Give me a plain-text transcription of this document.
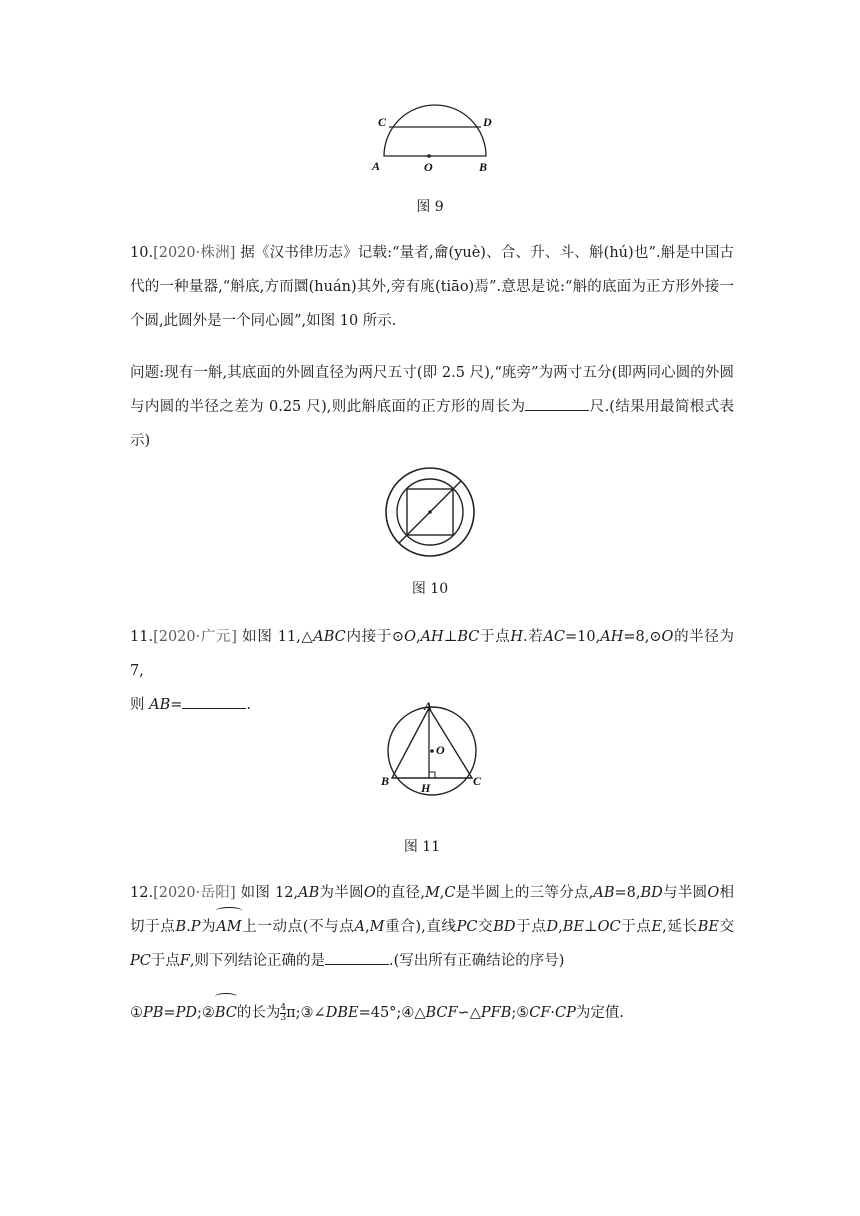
C	D
A	O	B
图 9

10.[2020·株洲] 据《汉书律历志》记载:“量者,龠(yuè)、合、升、斗、斛(hú)也”.斛是中国古代的一种量器,“斛底,方而圜(huán)其外,旁有庣(tiāo)焉”.意思是说:“斛的底面为正方形外接一个圆,此圆外是一个同心圆”,如图 10 所示.

问题:现有一斛,其底面的外圆直径为两尺五寸(即 2.5 尺),“庣旁”为两寸五分(即两同心圆的外圆与内圆的半径之差为 0.25 尺),则此斛底面的正方形的周长为	尺.(结果用最简根式表示)

图 10

11.[2020·广元] 如图 11,△ABC内接于⊙O,AH⊥BC于点H.若AC=10,AH=8,⊙O的半径为 7,
则 AB=	.	A
O
B	H	C
图 11

12.[2020·岳阳] 如图 12,AB为半圆O的直径,M,C是半圆上的三等分点,AB=8,BD与半圆O相切于点B.P为AM上一动点(不与点A,M重合),直线PC交BD于点D,BE⊥OC于点E,延长BE交PC于点F,则下列结论正确的是	.(写出所有正确结论的序号)

①PB=PD;②BC的长为 $\frac{4}{3}$ π;③∠DBE=45°;④△BCF∽△PFB;⑤CF·CP为定值.
